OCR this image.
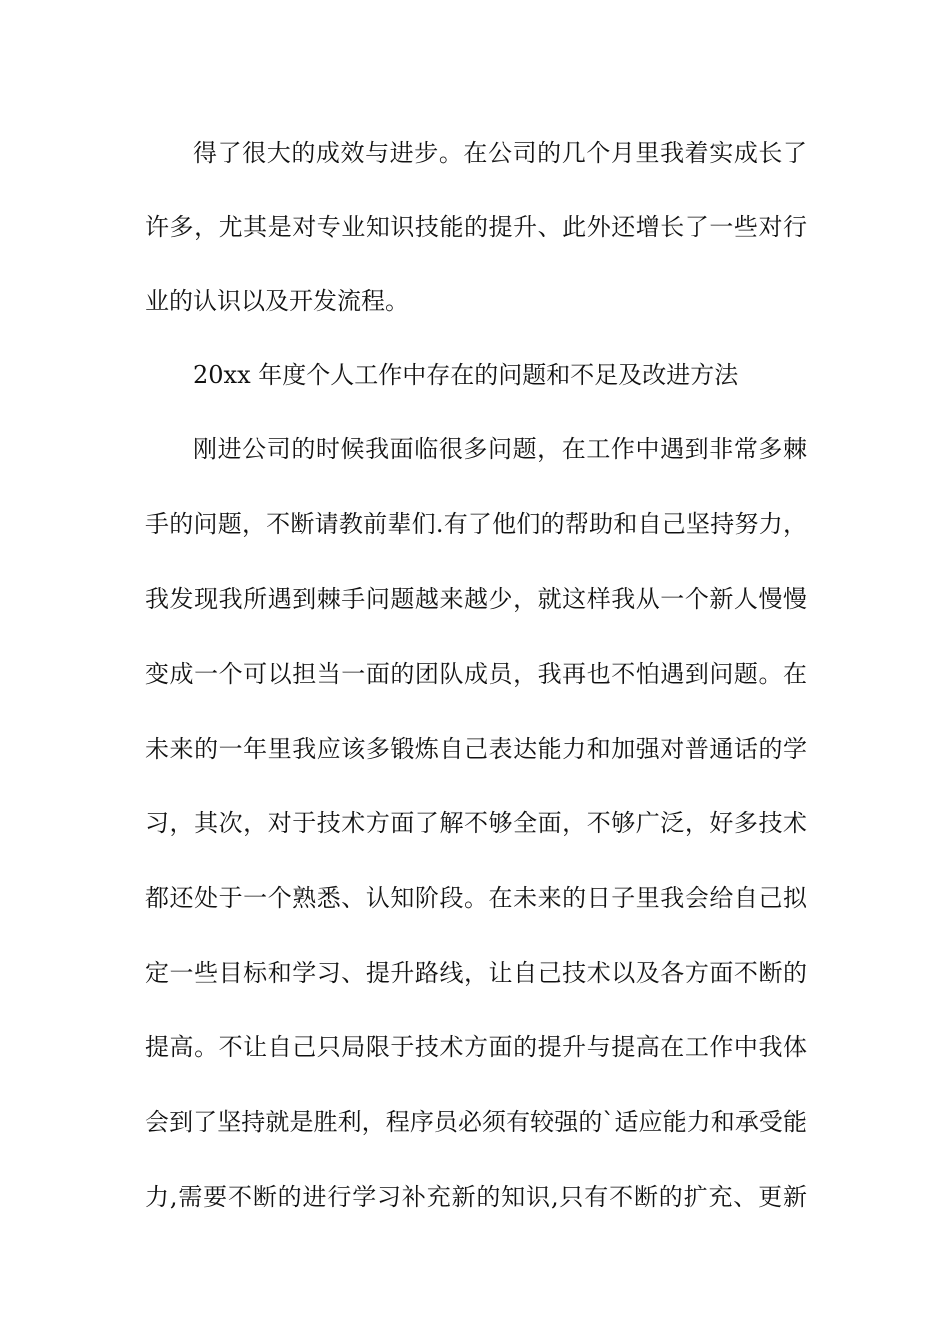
得了很大的成效与进步。在公司的几个月里我着实成长了
许多，尤其是对专业知识技能的提升、此外还增长了一些对行
业的认识以及开发流程。
20xx 年度个人工作中存在的问题和不足及改进方法
刚进公司的时候我面临很多问题，在工作中遇到非常多棘
手的问题，不断请教前辈们.有了他们的帮助和自己坚持努力，
我发现我所遇到棘手问题越来越少，就这样我从一个新人慢慢
变成一个可以担当一面的团队成员，我再也不怕遇到问题。在
未来的一年里我应该多锻炼自己表达能力和加强对普通话的学
习，其次，对于技术方面了解不够全面，不够广泛，好多技术
都还处于一个熟悉、认知阶段。在未来的日子里我会给自己拟
定一些目标和学习、提升路线，让自己技术以及各方面不断的
提高。不让自己只局限于技术方面的提升与提高在工作中我体
会到了坚持就是胜利，程序员必须有较强的`适应能力和承受能
力,需要不断的进行学习补充新的知识,只有不断的扩充、更新
